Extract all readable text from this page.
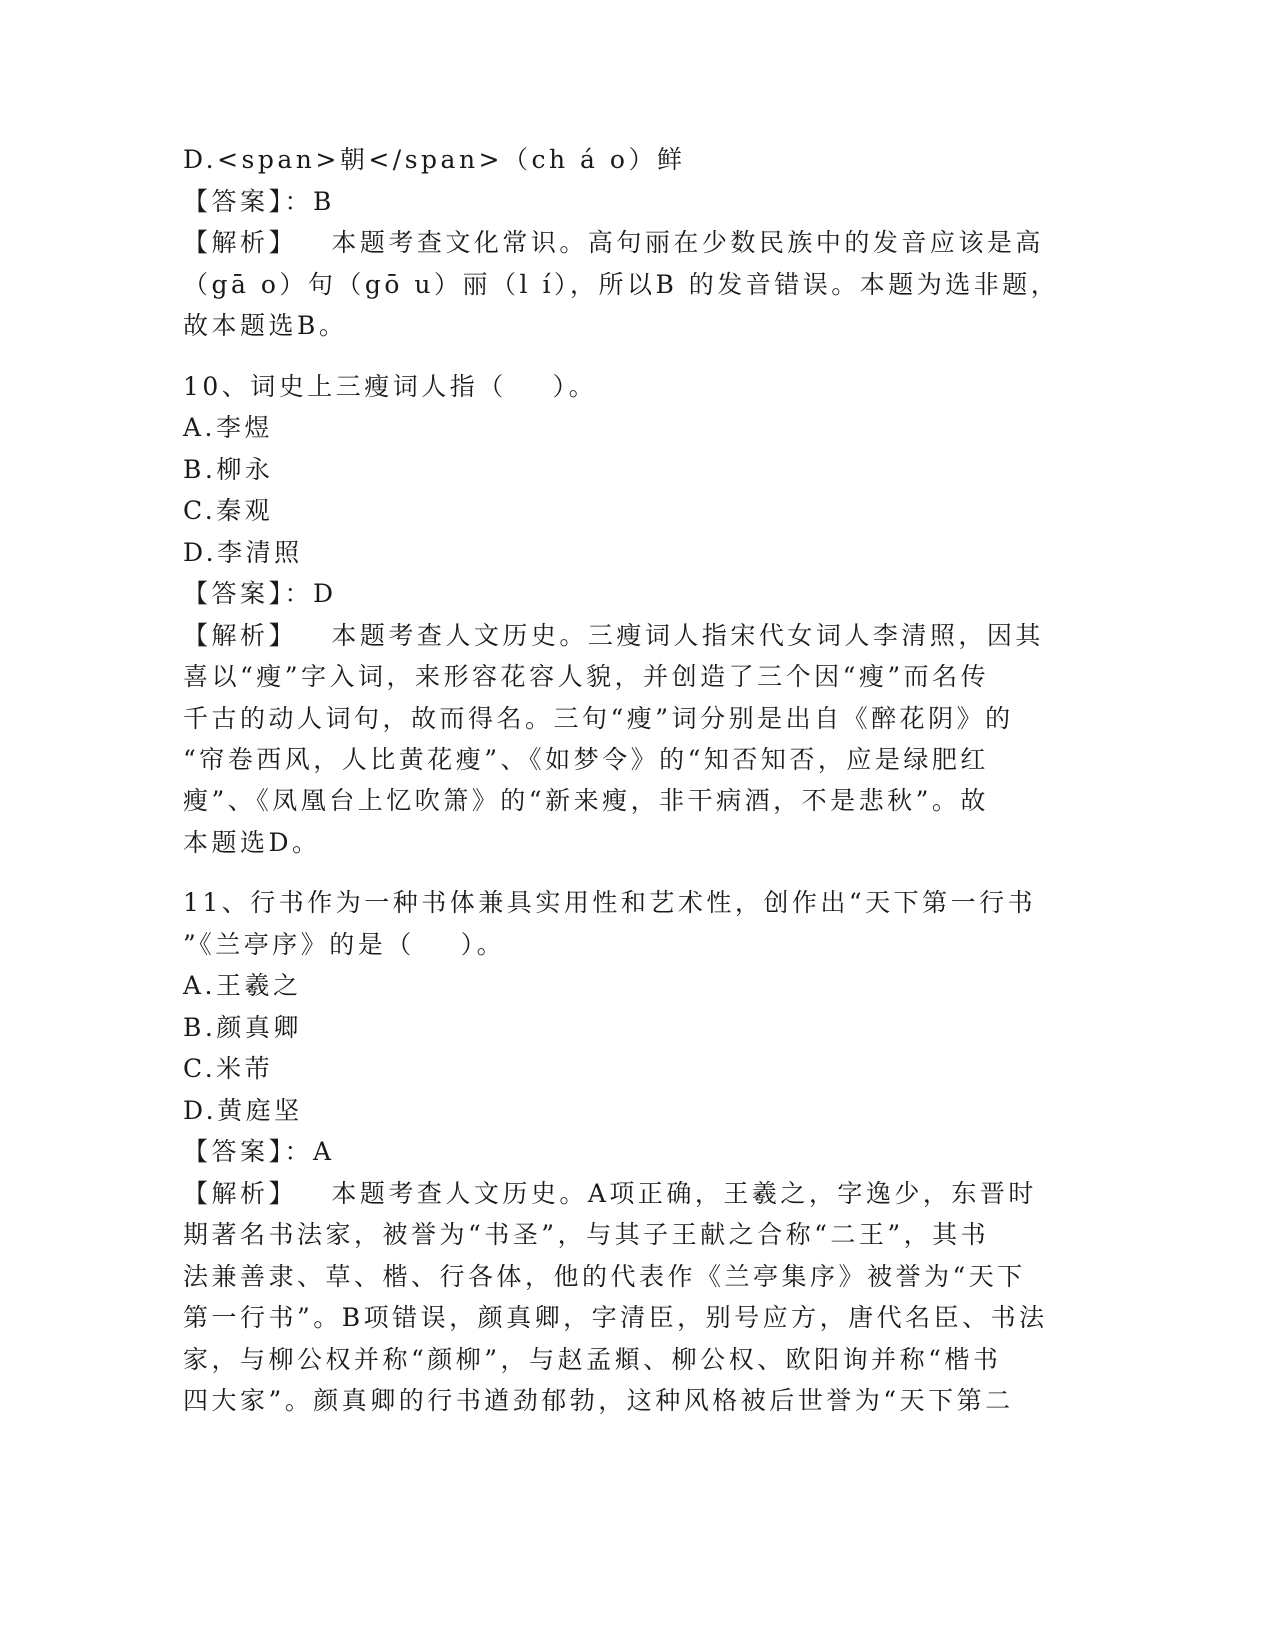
D.<span>朝</span>（ch á o）鲜
【答案】：B
【解析】   本题考查文化常识。高句丽在少数民族中的发音应该是高
（gā o）句（gō u）丽（l í），所以B 的发音错误。本题为选非题，
故本题选B。
10、词史上三瘦词人指（    ）。
A.李煜
B.柳永
C.秦观
D.李清照
【答案】：D
【解析】   本题考查人文历史。三瘦词人指宋代女词人李清照，因其
喜以“瘦”字入词，来形容花容人貌，并创造了三个因“瘦”而名传
千古的动人词句，故而得名。三句“瘦”词分别是出自《醉花阴》的
“帘卷西风，人比黄花瘦”、《如梦令》的“知否知否，应是绿肥红
瘦”、《凤凰台上忆吹箫》的“新来瘦，非干病酒，不是悲秋”。故
本题选D。
11、行书作为一种书体兼具实用性和艺术性，创作出“天下第一行书
”《兰亭序》的是（    ）。
A.王羲之
B.颜真卿
C.米芾
D.黄庭坚
【答案】：A
【解析】   本题考查人文历史。A项正确，王羲之，字逸少，东晋时
期著名书法家，被誉为“书圣”，与其子王献之合称“二王”，其书
法兼善隶、草、楷、行各体，他的代表作《兰亭集序》被誉为“天下
第一行书”。B项错误，颜真卿，字清臣，别号应方，唐代名臣、书法
家，与柳公权并称“颜柳”，与赵孟頫、柳公权、欧阳询并称“楷书
四大家”。颜真卿的行书遒劲郁勃，这种风格被后世誉为“天下第二
